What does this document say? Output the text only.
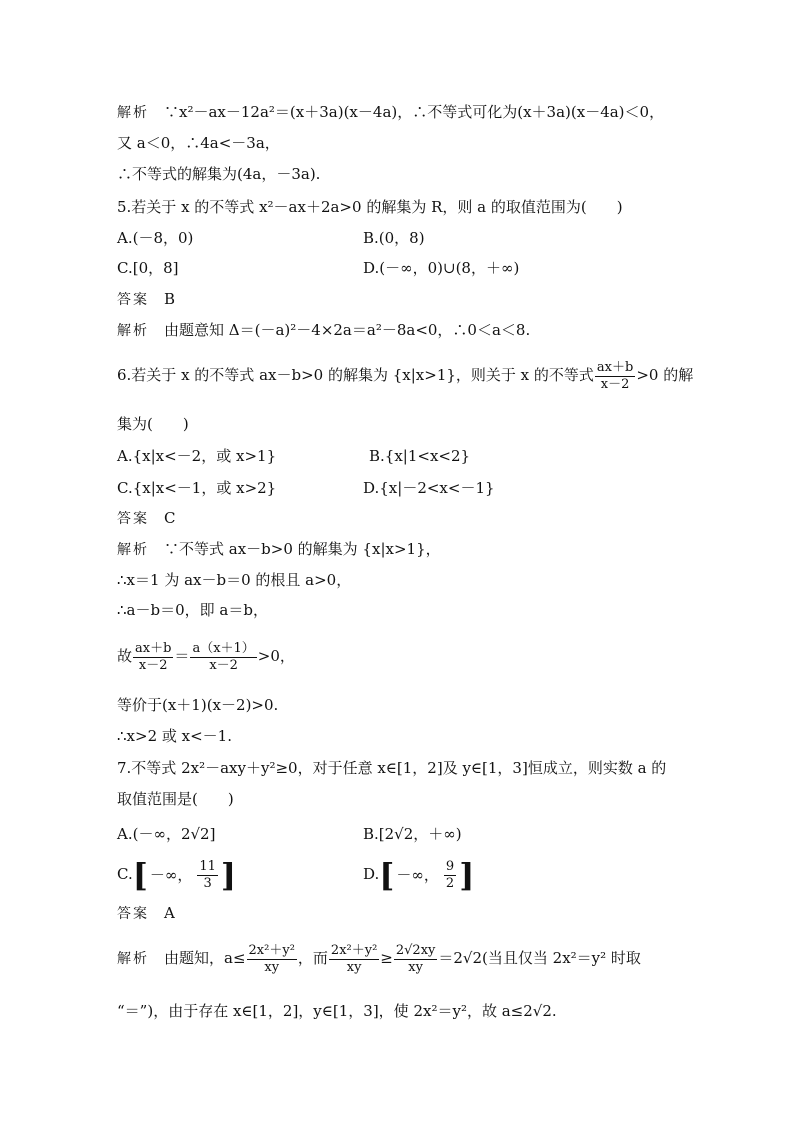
解析　 ∵x²－ax－12a²＝(x＋3a)(x－4a)，∴不等式可化为(x＋3a)(x－4a)＜0，
又 a＜0，∴4a<－3a，
∴不等式的解集为(4a，－3a).
5.若关于 x 的不等式 x²－ax＋2a>0 的解集为 R，则 a 的取值范围为(　　)
A.(－8，0)	B.(0，8)
C.[0，8]	D.(－∞，0)∪(8，＋∞)
答案　 B
解析　 由题意知 Δ＝(－a)²－4×2a＝a²－8a<0，∴0＜a＜8.
6.若关于 x 的不等式 ax－b>0 的解集为 {x|x>1}，则关于 x 的不等式 $\frac{ax+b}{x-2} >0$ 的解
集为(　　)
A.{x|x<－2，或 x>1}	B.{x|1<x<2}
C.{x|x<－1，或 x>2}	D.{x|－2<x<－1}
答案　 C
解析　 ∵不等式 ax－b>0 的解集为 {x|x>1}，
∴x＝1 为 ax－b＝0 的根且 a>0，
∴a－b＝0，即 a＝b，
故 $\frac{ax+b}{x-2} = \frac{a(x+1)}{x-2} >0$，
等价于(x＋1)(x－2)>0.
∴x>2 或 x<－1.
7.不等式 2x²－axy＋y²≥0，对于任意 x∈[1，2]及 y∈[1，3]恒成立，则实数 a 的
取值范围是(　　)
A.(－∞，2√2]	B.[2√2，＋∞)
C. [ －∞， $\frac{11}{3}$ ]	D. [ －∞， $\frac{9}{2}$ ]
答案　 A
解析　 由题知，$a\le \frac{\text{2x²＋y²}}{xy}$ ，而 $\frac{\text{2x²＋y²}}{xy} \ge \frac{2√2xy}{xy} =2√2$(当且仅当 2x²＝y² 时取
“＝”)，由于存在 x∈[1，2]，y∈[1，3]，使 2x²＝y²，故 a≤2√2.
